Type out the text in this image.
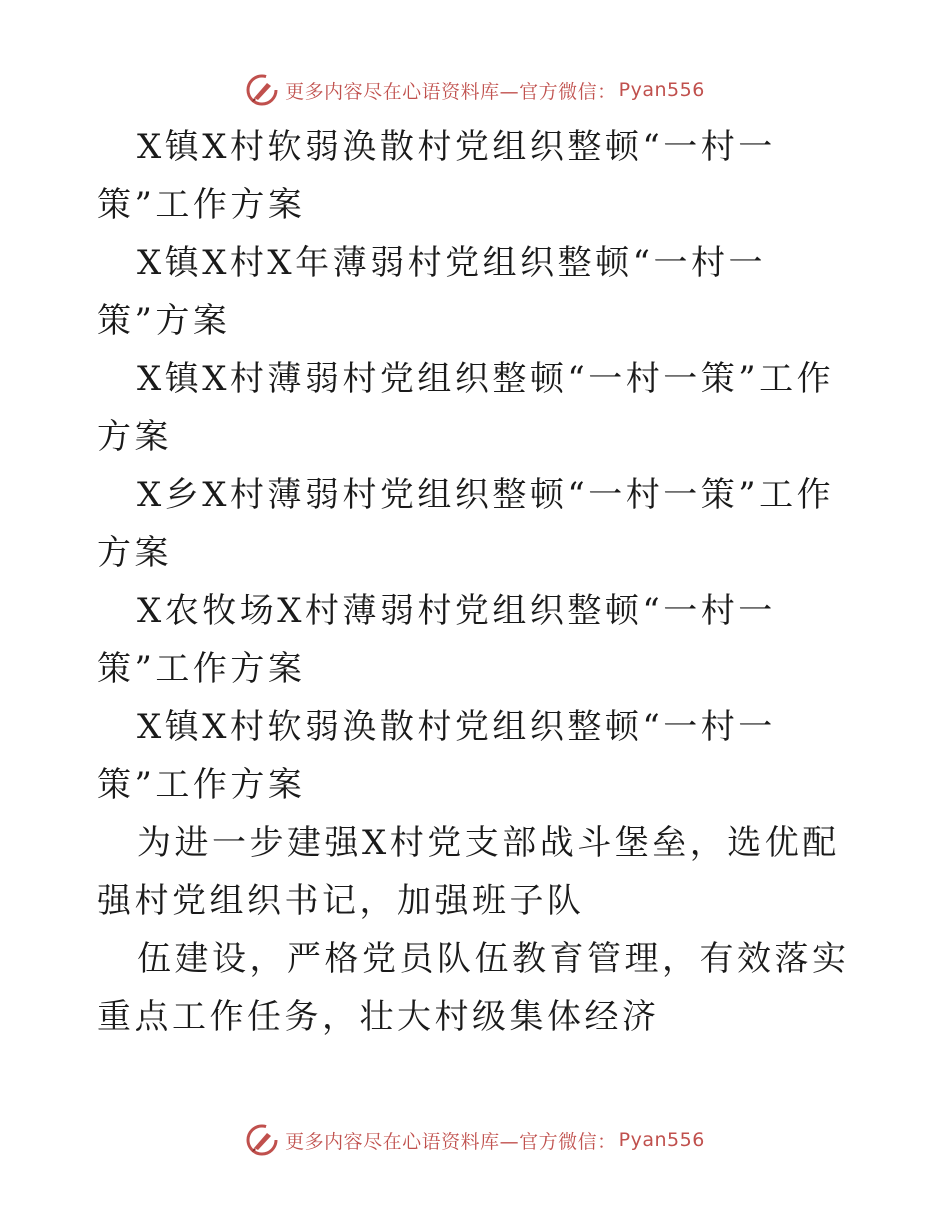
更多内容尽在心语资料库—官方微信： Pyan556

X镇X村软弱涣散村党组织整顿“一村一策”工作方案

X镇X村X年薄弱村党组织整顿“一村一策”方案

X镇X村薄弱村党组织整顿“一村一策”工作方案

X乡X村薄弱村党组织整顿“一村一策”工作方案

X农牧场X村薄弱村党组织整顿“一村一策”工作方案

X镇X村软弱涣散村党组织整顿“一村一策”工作方案

为进一步建强X村党支部战斗堡垒，选优配强村党组织书记，加强班子队

伍建设，严格党员队伍教育管理，有效落实重点工作任务，壮大村级集体经济

更多内容尽在心语资料库—官方微信： Pyan556
